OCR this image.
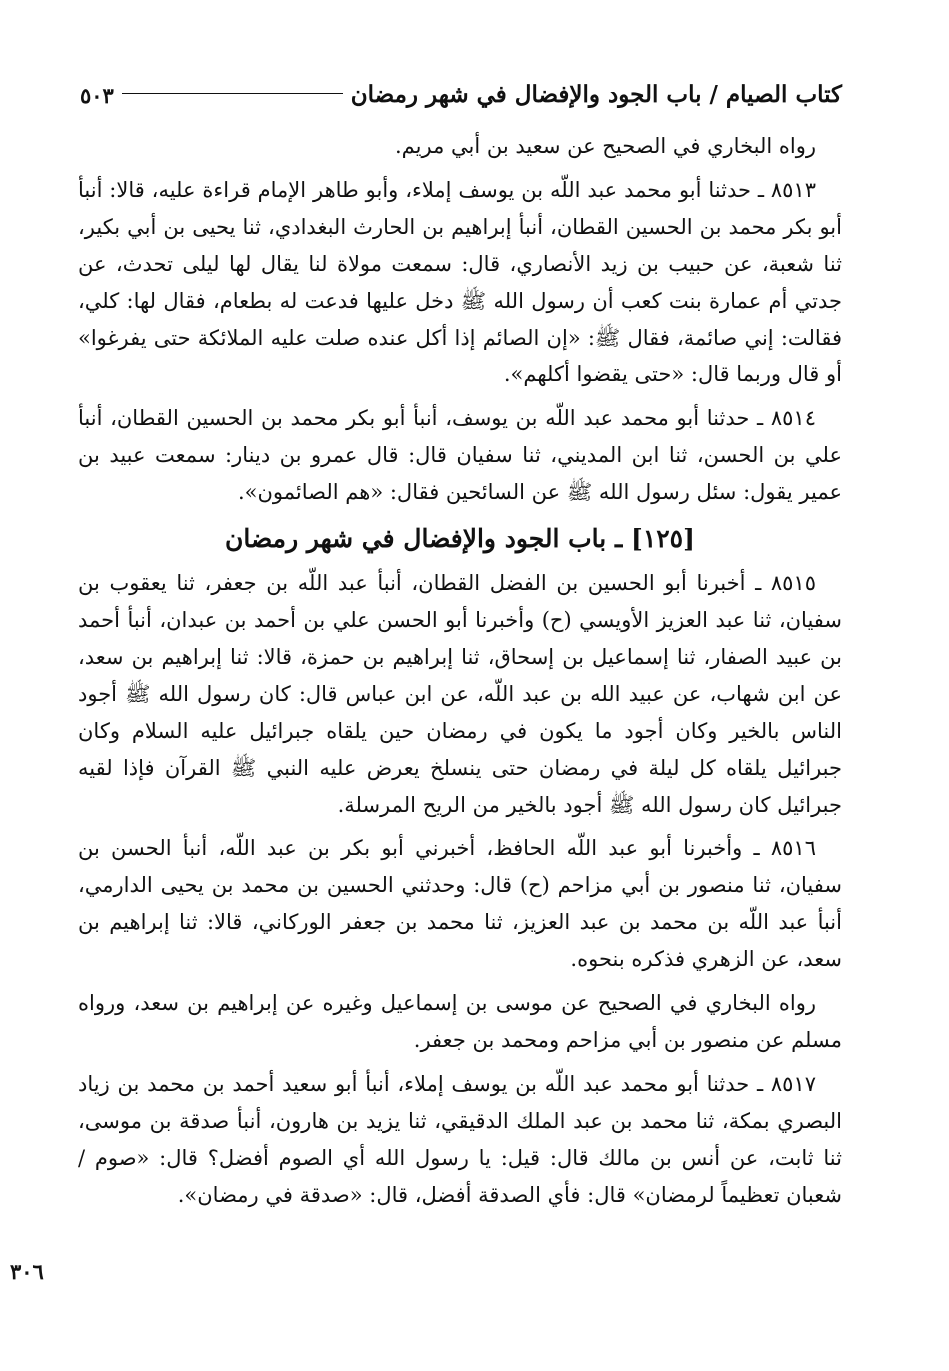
كتاب الصيام / باب الجود والإفضال في شهر رمضان
٥٠٣

رواه البخاري في الصحيح عن سعيد بن أبي مريم.

٨٥١٣ ـ حدثنا أبو محمد عبد اللّه بن يوسف إملاء، وأبو طاهر الإمام قراءة عليه، قالا: أنبأ أبو بكر محمد بن الحسين القطان، أنبأ إبراهيم بن الحارث البغدادي، ثنا يحيى بن أبي بكير، ثنا شعبة، عن حبيب بن زيد الأنصاري، قال: سمعت مولاة لنا يقال لها ليلى تحدث، عن جدتي أم عمارة بنت كعب أن رسول الله ﷺ دخل عليها فدعت له بطعام، فقال لها: كلي، فقالت: إني صائمة، فقال ﷺ: «إن الصائم إذا أكل عنده صلت عليه الملائكة حتى يفرغوا» أو قال وربما قال: «حتى يقضوا أكلهم».

٨٥١٤ ـ حدثنا أبو محمد عبد اللّه بن يوسف، أنبأ أبو بكر محمد بن الحسين القطان، أنبأ علي بن الحسن، ثنا ابن المديني، ثنا سفيان قال: قال عمرو بن دينار: سمعت عبيد بن عمير يقول: سئل رسول الله ﷺ عن السائحين فقال: «هم الصائمون».

[١٢٥] ـ باب الجود والإفضال في شهر رمضان

٨٥١٥ ـ أخبرنا أبو الحسين بن الفضل القطان، أنبأ عبد اللّه بن جعفر، ثنا يعقوب بن سفيان، ثنا عبد العزيز الأويسي (ح) وأخبرنا أبو الحسن علي بن أحمد بن عبدان، أنبأ أحمد بن عبيد الصفار، ثنا إسماعيل بن إسحاق، ثنا إبراهيم بن حمزة، قالا: ثنا إبراهيم بن سعد، عن ابن شهاب، عن عبيد الله بن عبد اللّه، عن ابن عباس قال: كان رسول الله ﷺ أجود الناس بالخير وكان أجود ما يكون في رمضان حين يلقاه جبرائيل عليه السلام وكان جبرائيل يلقاه كل ليلة في رمضان حتى ينسلخ يعرض عليه النبي ﷺ القرآن فإذا لقيه جبرائيل كان رسول الله ﷺ أجود بالخير من الريح المرسلة.

٨٥١٦ ـ وأخبرنا أبو عبد اللّه الحافظ، أخبرني أبو بكر بن عبد اللّه، أنبأ الحسن بن سفيان، ثنا منصور بن أبي مزاحم (ح) قال: وحدثني الحسين بن محمد بن يحيى الدارمي، أنبأ عبد اللّه بن محمد بن عبد العزيز، ثنا محمد بن جعفر الوركاني، قالا: ثنا إبراهيم بن سعد، عن الزهري فذكره بنحوه.

رواه البخاري في الصحيح عن موسى بن إسماعيل وغيره عن إبراهيم بن سعد، ورواه مسلم عن منصور بن أبي مزاحم ومحمد بن جعفر.

٨٥١٧ ـ حدثنا أبو محمد عبد اللّه بن يوسف إملاء، أنبأ أبو سعيد أحمد بن محمد بن زياد البصري بمكة، ثنا محمد بن عبد الملك الدقيقي، ثنا يزيد بن هارون، أنبأ صدقة بن موسى، ثنا ثابت، عن أنس بن مالك قال: قيل: يا رسول الله أي الصوم أفضل؟ قال: «صوم /شعبان تعظيماً لرمضان» قال: فأي الصدقة أفضل، قال: «صدقة في رمضان».

٣٠٦
